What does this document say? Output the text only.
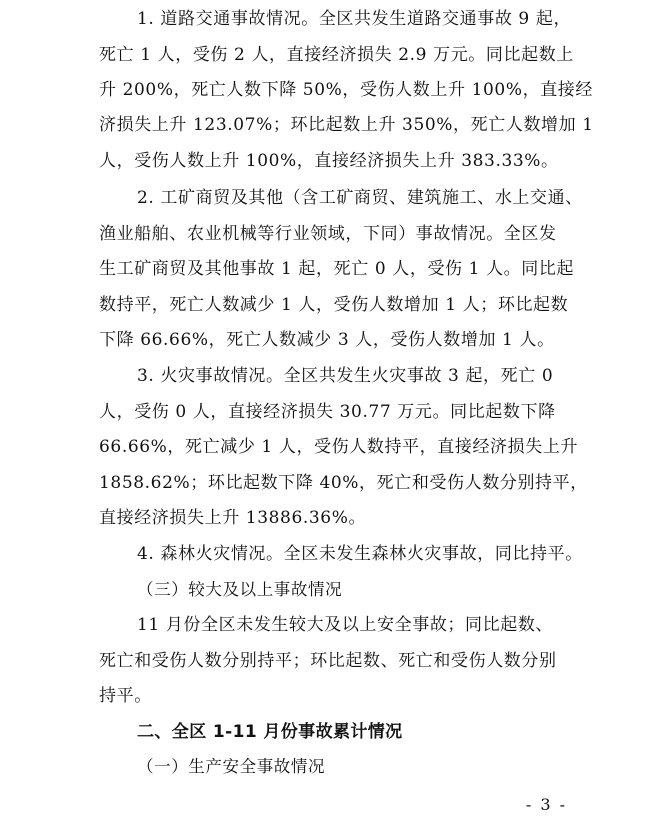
1. 道路交通事故情况。全区共发生道路交通事故 9 起，
死亡 1 人，受伤 2 人，直接经济损失 2.9 万元。同比起数上
升 200%，死亡人数下降 50%，受伤人数上升 100%，直接经
济损失上升 123.07%；环比起数上升 350%，死亡人数增加 1
人，受伤人数上升 100%，直接经济损失上升 383.33%。
2. 工矿商贸及其他（含工矿商贸、建筑施工、水上交通、
渔业船舶、农业机械等行业领域，下同）事故情况。全区发
生工矿商贸及其他事故 1 起，死亡 0 人，受伤 1 人。同比起
数持平，死亡人数减少 1 人，受伤人数增加 1 人；环比起数
下降 66.66%，死亡人数减少 3 人，受伤人数增加 1 人。
3. 火灾事故情况。全区共发生火灾事故 3 起，死亡 0
人，受伤 0 人，直接经济损失 30.77 万元。同比起数下降
66.66%，死亡减少 1 人，受伤人数持平，直接经济损失上升
1858.62%；环比起数下降 40%，死亡和受伤人数分别持平，
直接经济损失上升 13886.36%。
4. 森林火灾情况。全区未发生森林火灾事故，同比持平。
（三）较大及以上事故情况
11 月份全区未发生较大及以上安全事故；同比起数、
死亡和受伤人数分别持平；环比起数、死亡和受伤人数分别
持平。
二、全区 1-11 月份事故累计情况
（一）生产安全事故情况
- 3 -
